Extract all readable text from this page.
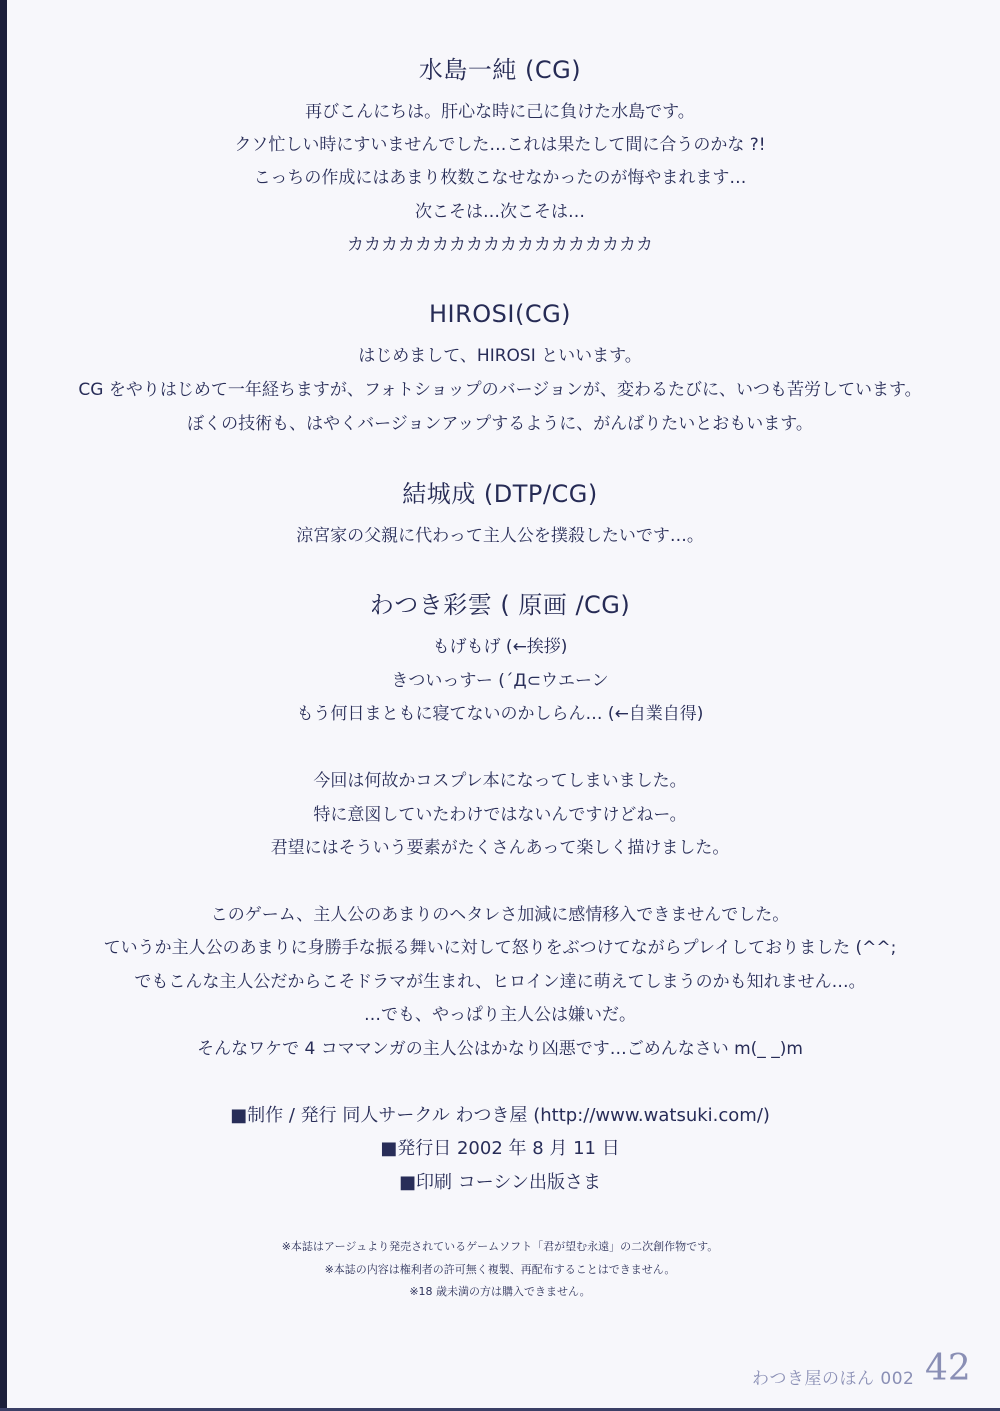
水島一純 (CG)
再びこんにちは。肝心な時に己に負けた水島です。
クソ忙しい時にすいませんでした…これは果たして間に合うのかな ?!
こっちの作成にはあまり枚数こなせなかったのが悔やまれます…
次こそは…次こそは…
カカカカカカカカカカカカカカカカカカ
HIROSI(CG)
はじめまして、HIROSI といいます。
CG をやりはじめて一年経ちますが、フォトショップのバージョンが、変わるたびに、いつも苦労しています。
ぼくの技術も、はやくバージョンアップするように、がんばりたいとおもいます。
結城成 (DTP/CG)
涼宮家の父親に代わって主人公を撲殺したいです…。
わつき彩雲 ( 原画 /CG)
もげもげ (←挨拶)
きついっすー (´Д⊂ウエーン
もう何日まともに寝てないのかしらん… (←自業自得)
今回は何故かコスプレ本になってしまいました。
特に意図していたわけではないんですけどねー。
君望にはそういう要素がたくさんあって楽しく描けました。
このゲーム、主人公のあまりのヘタレさ加減に感情移入できませんでした。
ていうか主人公のあまりに身勝手な振る舞いに対して怒りをぶつけてながらプレイしておりました (^^;
でもこんな主人公だからこそドラマが生まれ、ヒロイン達に萌えてしまうのかも知れません…。
…でも、やっぱり主人公は嫌いだ。
そんなワケで 4 コママンガの主人公はかなり凶悪です…ごめんなさい m(_ _)m
■制作 / 発行 同人サークル わつき屋 (http://www.watsuki.com/)
■発行日 2002 年 8 月 11 日
■印刷 コーシン出版さま
※本誌はアージュより発売されているゲームソフト「君が望む永遠」の二次創作物です。
※本誌の内容は権利者の許可無く複製、再配布することはできません。
※18 歳未満の方は購入できません。
わつき屋のほん 002 42
